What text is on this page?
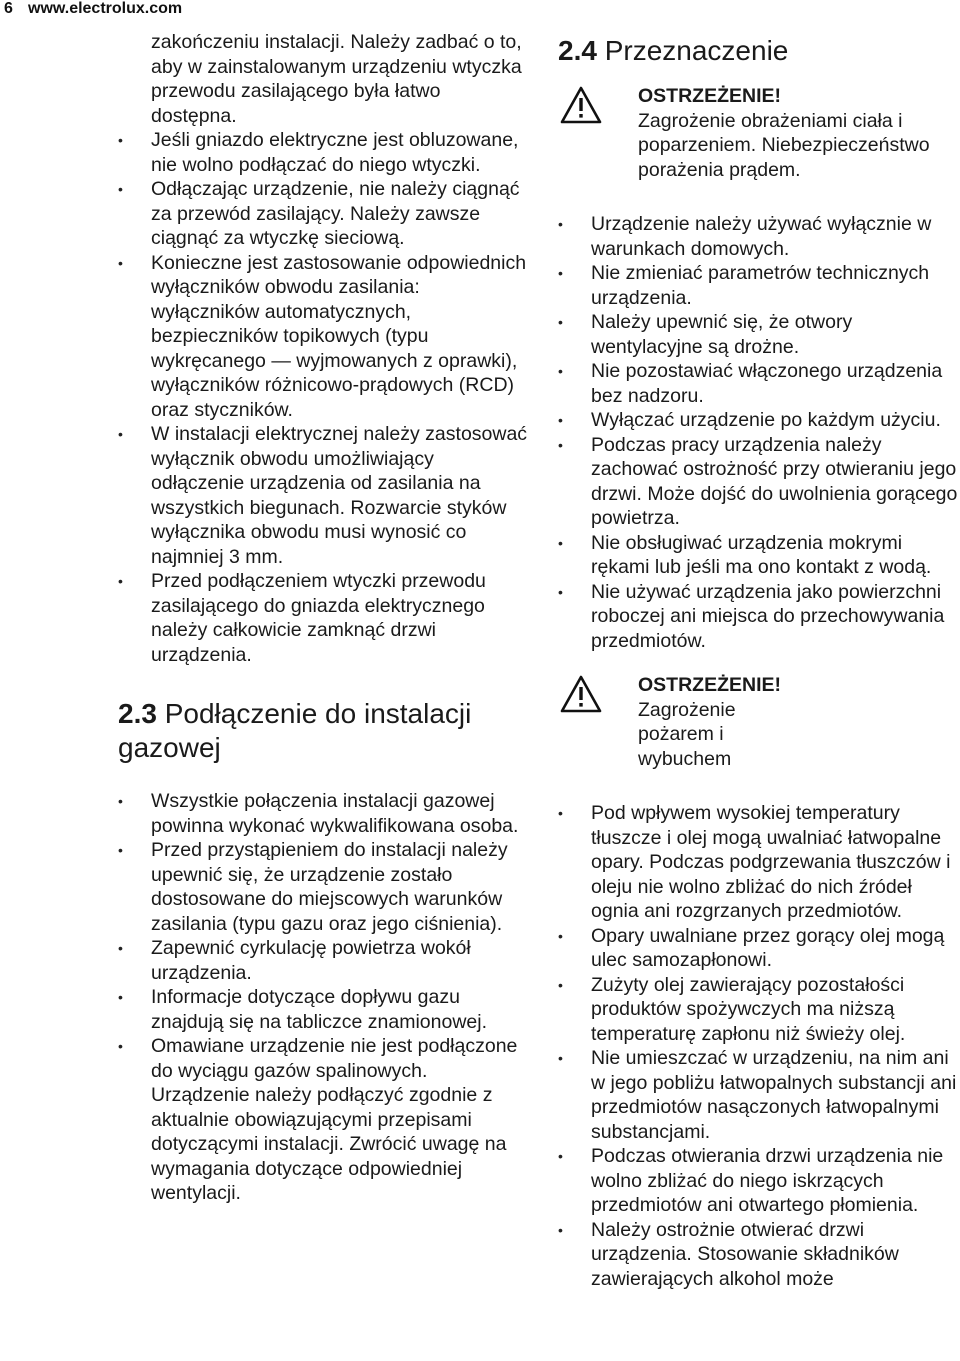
6 www.electrolux.com
zakończeniu instalacji. Należy zadbać o to, aby w zainstalowanym urządzeniu wtyczka przewodu zasilającego była łatwo dostępna.
• Jeśli gniazdo elektryczne jest obluzowane, nie wolno podłączać do niego wtyczki.
• Odłączając urządzenie, nie należy ciągnąć za przewód zasilający. Należy zawsze ciągnąć za wtyczkę sieciową.
• Konieczne jest zastosowanie odpowiednich wyłączników obwodu zasilania: wyłączników automatycznych, bezpieczników topikowych (typu wykręcanego — wyjmowanych z oprawki), wyłączników różnicowo-prądowych (RCD) oraz styczników.
• W instalacji elektrycznej należy zastosować wyłącznik obwodu umożliwiający odłączenie urządzenia od zasilania na wszystkich biegunach. Rozwarcie styków wyłącznika obwodu musi wynosić co najmniej 3 mm.
• Przed podłączeniem wtyczki przewodu zasilającego do gniazda elektrycznego należy całkowicie zamknąć drzwi urządzenia.
2.3 Podłączenie do instalacji gazowej
• Wszystkie połączenia instalacji gazowej powinna wykonać wykwalifikowana osoba.
• Przed przystąpieniem do instalacji należy upewnić się, że urządzenie zostało dostosowane do miejscowych warunków zasilania (typu gazu oraz jego ciśnienia).
• Zapewnić cyrkulację powietrza wokół urządzenia.
• Informacje dotyczące dopływu gazu znajdują się na tabliczce znamionowej.
• Omawiane urządzenie nie jest podłączone do wyciągu gazów spalinowych. Urządzenie należy podłączyć zgodnie z aktualnie obowiązującymi przepisami dotyczącymi instalacji. Zwrócić uwagę na wymagania dotyczące odpowiedniej wentylacji.
2.4 Przeznaczenie
OSTRZEŻENIE!
Zagrożenie obrażeniami ciała i poparzeniem. Niebezpieczeństwo porażenia prądem.
• Urządzenie należy używać wyłącznie w warunkach domowych.
• Nie zmieniać parametrów technicznych urządzenia.
• Należy upewnić się, że otwory wentylacyjne są drożne.
• Nie pozostawiać włączonego urządzenia bez nadzoru.
• Wyłączać urządzenie po każdym użyciu.
• Podczas pracy urządzenia należy zachować ostrożność przy otwieraniu jego drzwi. Może dojść do uwolnienia gorącego powietrza.
• Nie obsługiwać urządzenia mokrymi rękami lub jeśli ma ono kontakt z wodą.
• Nie używać urządzenia jako powierzchni roboczej ani miejsca do przechowywania przedmiotów.
OSTRZEŻENIE!
Zagrożenie pożarem i wybuchem
• Pod wpływem wysokiej temperatury tłuszcze i olej mogą uwalniać łatwopalne opary. Podczas podgrzewania tłuszczów i oleju nie wolno zbliżać do nich źródeł ognia ani rozgrzanych przedmiotów.
• Opary uwalniane przez gorący olej mogą ulec samozapłonowi.
• Zużyty olej zawierający pozostałości produktów spożywczych ma niższą temperaturę zapłonu niż świeży olej.
• Nie umieszczać w urządzeniu, na nim ani w jego pobliżu łatwopalnych substancji ani przedmiotów nasączonych łatwopalnymi substancjami.
• Podczas otwierania drzwi urządzenia nie wolno zbliżać do niego iskrzących przedmiotów ani otwartego płomienia.
• Należy ostrożnie otwierać drzwi urządzenia. Stosowanie składników zawierających alkohol może
